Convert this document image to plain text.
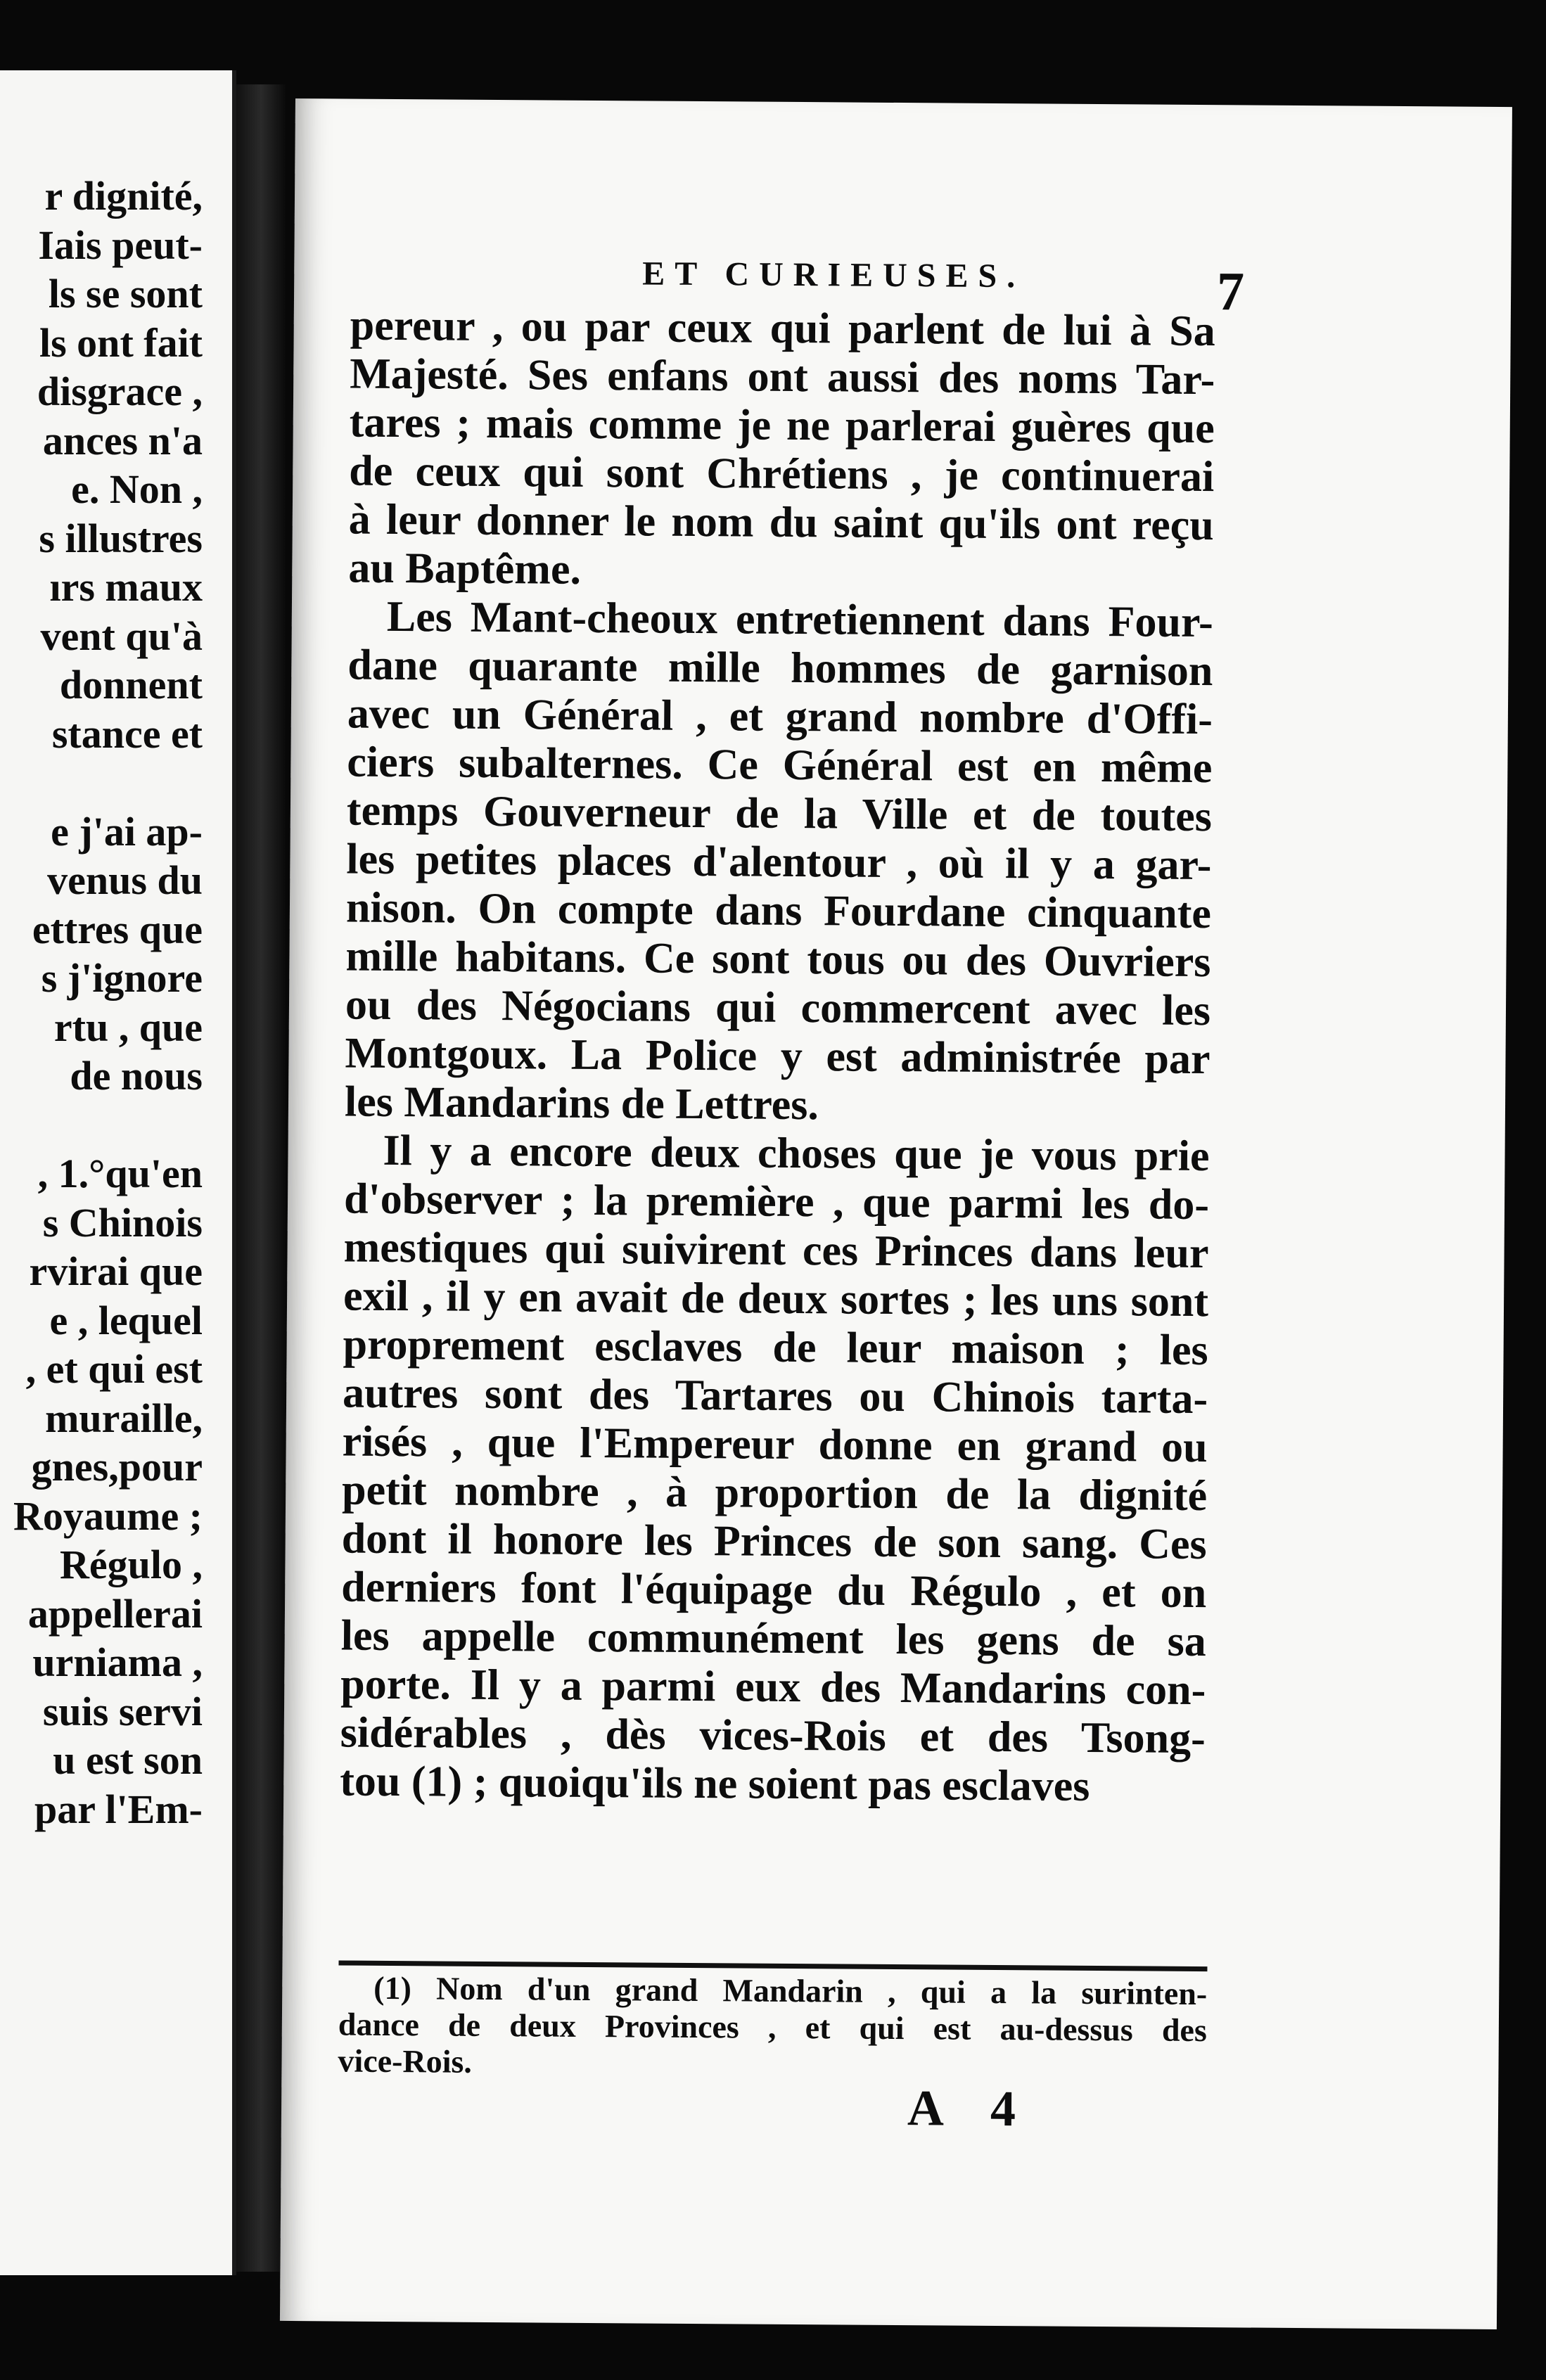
r dignité,
Iais peut-
ls se sont
ls ont fait
disgrace ,
ances n'a
e. Non ,
s illustres
ırs maux
vent qu'à
donnent
stance et
e j'ai ap-
venus du
ettres que
s j'ignore
rtu , que
de nous
, 1.°qu'en
s Chinois
rvirai que
e , lequel
, et qui est
muraille,
gnes,pour
Royaume ;
Régulo ,
appellerai
urniama ,
suis servi
u est son
par l'Em-
ET CURIEUSES.	7
pereur , ou par ceux qui parlent de lui à Sa
Majesté. Ses enfans ont aussi des noms Tar-
tares ; mais comme je ne parlerai guères que
de ceux qui sont Chrétiens , je continuerai
à leur donner le nom du saint qu'ils ont reçu
au Baptême.
Les Mant-cheoux entretiennent dans Four-
dane quarante mille hommes de garnison
avec un Général , et grand nombre d'Offi-
ciers subalternes. Ce Général est en même
temps Gouverneur de la Ville et de toutes
les petites places d'alentour , où il y a gar-
nison. On compte dans Fourdane cinquante
mille habitans. Ce sont tous ou des Ouvriers
ou des Négocians qui commercent avec les
Montgoux. La Police y est administrée par
les Mandarins de Lettres.
Il y a encore deux choses que je vous prie
d'observer ; la première , que parmi les do-
mestiques qui suivirent ces Princes dans leur
exil , il y en avait de deux sortes ; les uns sont
proprement esclaves de leur maison ; les
autres sont des Tartares ou Chinois tarta-
risés , que l'Empereur donne en grand ou
petit nombre , à proportion de la dignité
dont il honore les Princes de son sang. Ces
derniers font l'équipage du Régulo , et on
les appelle communément les gens de sa
porte. Il y a parmi eux des Mandarins con-
sidérables , dès vices-Rois et des Tsong-
tou (1) ; quoiqu'ils ne soient pas esclaves
(1) Nom d'un grand Mandarin , qui a la surinten-
dance de deux Provinces , et qui est au-dessus des
vice-Rois.
A 4
